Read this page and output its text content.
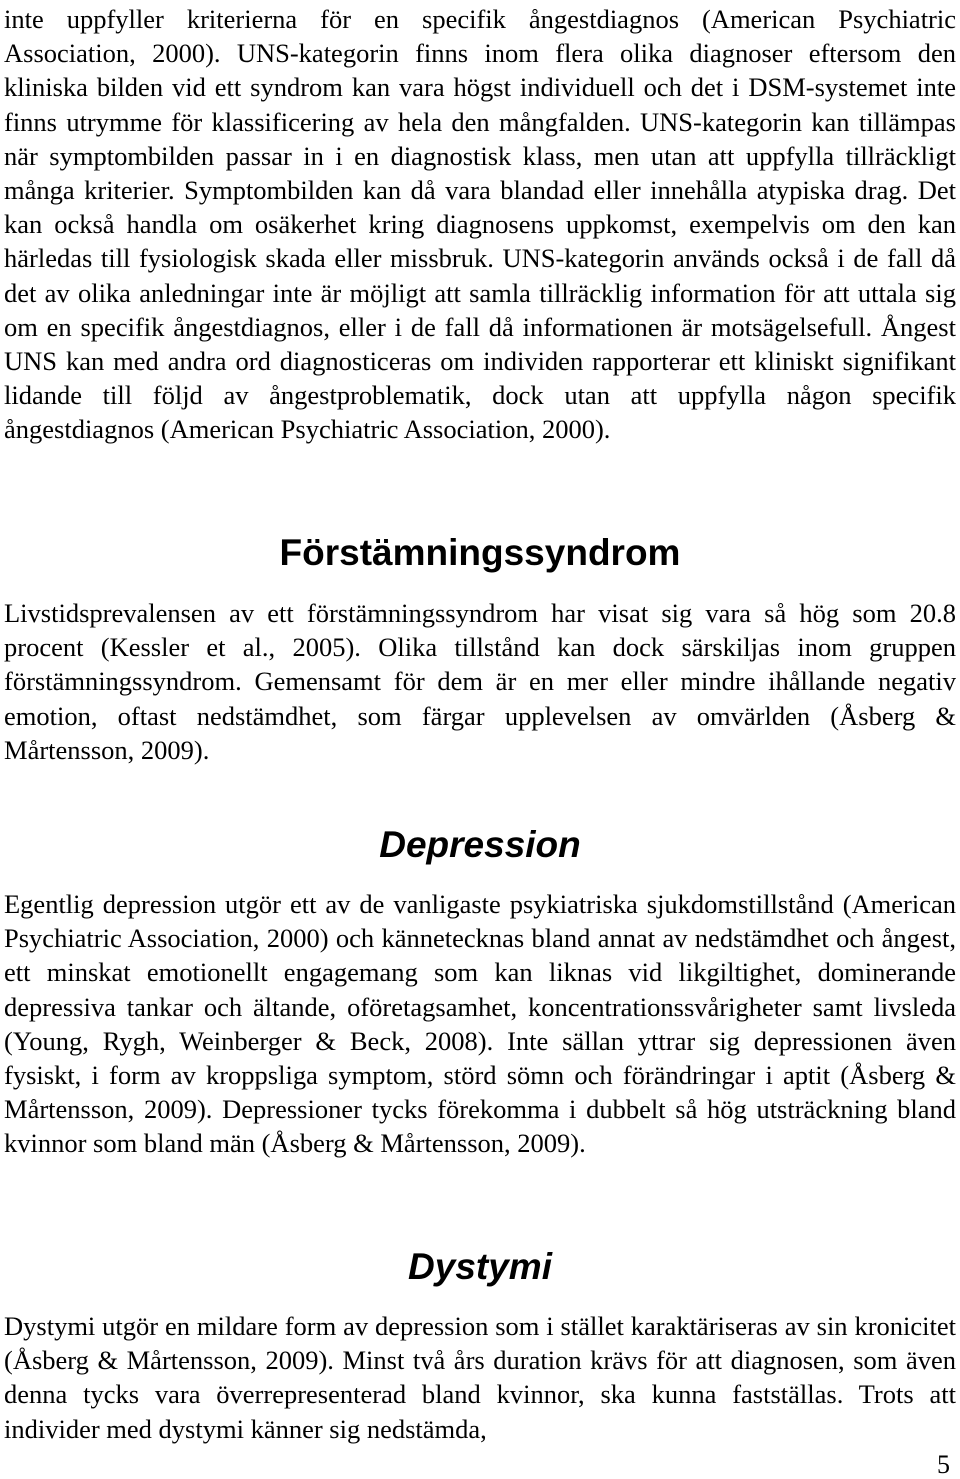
inte uppfyller kriterierna för en specifik ångestdiagnos (American Psychiatric Association, 2000). UNS-kategorin finns inom flera olika diagnoser eftersom den kliniska bilden vid ett syndrom kan vara högst individuell och det i DSM-systemet inte finns utrymme för klassificering av hela den mångfalden. UNS-kategorin kan tillämpas när symptombilden passar in i en diagnostisk klass, men utan att uppfylla tillräckligt många kriterier. Symptombilden kan då vara blandad eller innehålla atypiska drag. Det kan också handla om osäkerhet kring diagnosens uppkomst, exempelvis om den kan härledas till fysiologisk skada eller missbruk. UNS-kategorin används också i de fall då det av olika anledningar inte är möjligt att samla tillräcklig information för att uttala sig om en specifik ångestdiagnos, eller i de fall då informationen är motsägelsefull. Ångest UNS kan med andra ord diagnosticeras om individen rapporterar ett kliniskt signifikant lidande till följd av ångestproblematik, dock utan att uppfylla någon specifik ångestdiagnos (American Psychiatric Association, 2000).

Förstämningssyndrom

Livstidsprevalensen av ett förstämningssyndrom har visat sig vara så hög som 20.8 procent (Kessler et al., 2005). Olika tillstånd kan dock särskiljas inom gruppen förstämningssyndrom. Gemensamt för dem är en mer eller mindre ihållande negativ emotion, oftast nedstämdhet, som färgar upplevelsen av omvärlden (Åsberg & Mårtensson, 2009).

Depression

Egentlig depression utgör ett av de vanligaste psykiatriska sjukdomstillstånd (American Psychiatric Association, 2000) och kännetecknas bland annat av nedstämdhet och ångest, ett minskat emotionellt engagemang som kan liknas vid likgiltighet, dominerande depressiva tankar och ältande, oföretagsamhet, koncentrationssvårigheter samt livsleda (Young, Rygh, Weinberger & Beck, 2008). Inte sällan yttrar sig depressionen även fysiskt, i form av kroppsliga symptom, störd sömn och förändringar i aptit (Åsberg & Mårtensson, 2009). Depressioner tycks förekomma i dubbelt så hög utsträckning bland kvinnor som bland män (Åsberg & Mårtensson, 2009).

Dystymi

Dystymi utgör en mildare form av depression som i stället karaktäriseras av sin kronicitet (Åsberg & Mårtensson, 2009). Minst två års duration krävs för att diagnosen, som även denna tycks vara överrepresenterad bland kvinnor, ska kunna fastställas. Trots att individer med dystymi känner sig nedstämda,

5
